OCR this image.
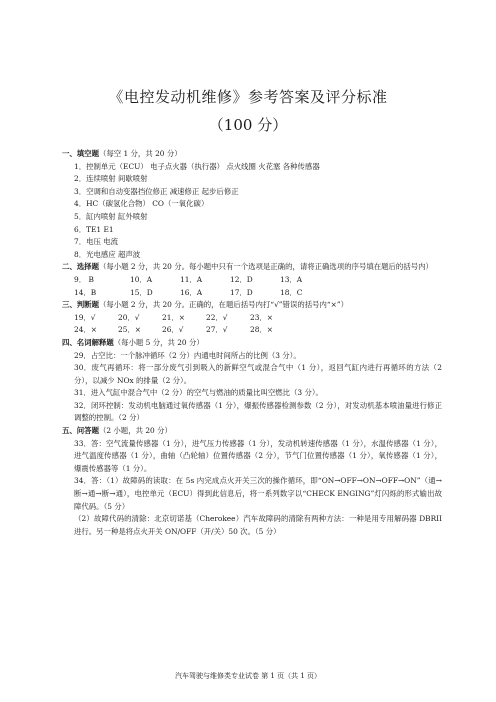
《电控发动机维修》参考答案及评分标准
（100 分）
一、填空题（每空 1 分，共 20 分）
1．控制单元（ECU） 电子点火器（执行器） 点火线圈 火花塞 各种传感器
2．连续喷射 间歇喷射
3．空调和自动变器挡位修正 减速修正 起步后修正
4．HC（碳氢化合物） CO（一氧化碳）
5．缸内喷射 缸外喷射
6．TE1 E1
7．电压 电流
8．光电感应 超声波
二、选择题（每小题 2 分，共 20 分。每小题中只有一个选项是正确的，请将正确选项的序号填在题后的括号内）
9． B	10．A	11．A	12．D	13．A
14．B	15．D	16．A	17．D	18．C
三、判断题（每小题 2 分，共 20 分。正确的，在题后括号内打“√”错误的括号内“×”）
19．√	20．√	21．×	22．√	23．×
24．×	25．×	26．√	27．√	28．×
四、名词解释题（每小题 5 分，共 20 分）
29．占空比：一个脉冲循环（2 分）内通电时间所占的比例（3 分）。
30．废气再循环：将一部分废气引到吸入的新鲜空气或混合气中（1 分），返回气缸内进行再循环的方法（2 分），以减少 NOx 的排量（2 分）。
31．进入气缸中混合气中（2 分）的空气与燃油的质量比叫空燃比（3 分）。
32．闭环控制：发动机电脑通过氧传感器（1 分），爆振传感器检测参数（2 分），对发动机基本喷油量进行修正调整的控制。（2 分）
五、问答题（2 小题，共 20 分）
33．答：空气流量传感器（1 分），进气压力传感器（1 分），发动机转速传感器（1 分），水温传感器（1 分），进气温度传感器（1 分），曲轴（凸轮轴）位置传感器（2 分），节气门位置传感器（1 分），氧传感器（1 分），爆震传感器等（1 分）。
34．答：（1）故障码的读取：在 5s 内完成点火开关三次的操作循环，即“ON→OFF→ON→OFF→ON”（通→断→通→断→通），电控单元（ECU）得到此信息后，将一系列数字以“CHECK ENGING”灯闪烁的形式输出故障代码。（5 分）
（2）故障代码的清除：北京切诺基（Cherokee）汽车故障码的清除有两种方法：一种是用专用解码器 DBRII 进行。另一种是将点火开关 ON/OFF（开/关）50 次。（5 分）
汽车驾驶与维修类专业试卷 第 1 页（共 1 页）
